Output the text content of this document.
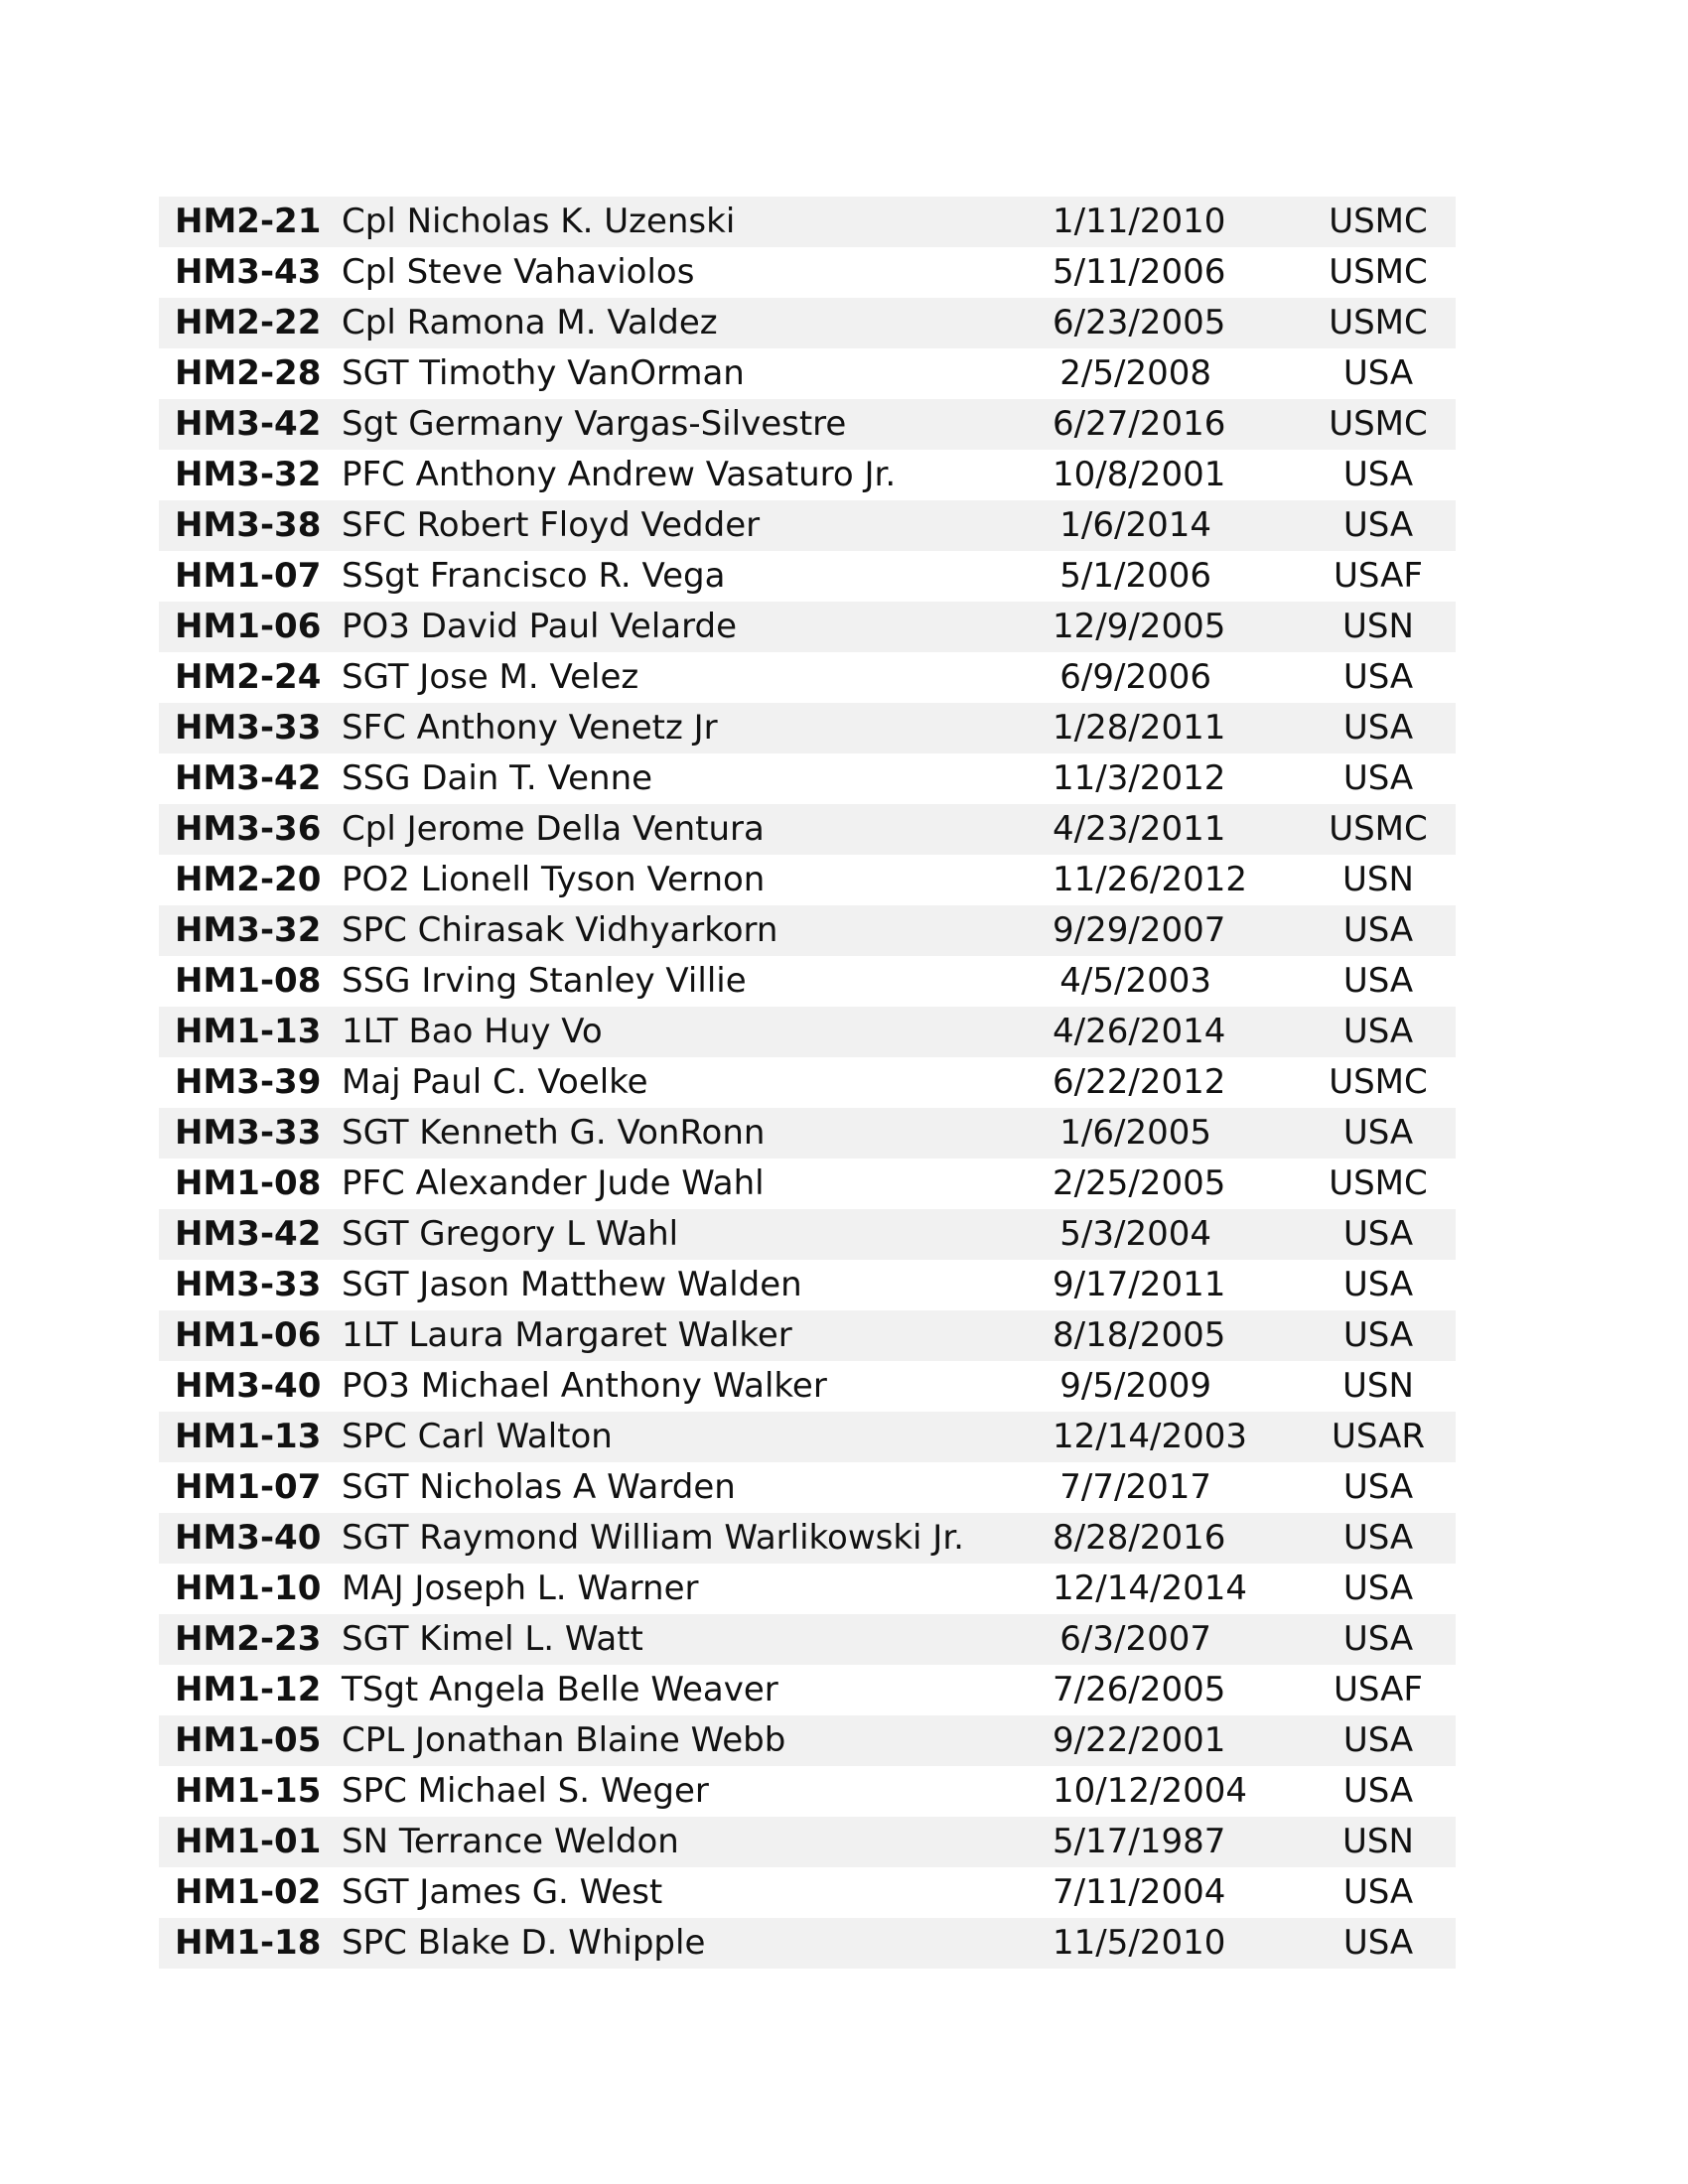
HM2-21 Cpl Nicholas K. Uzenski	1/11/2010	USMC
HM3-43 Cpl Steve Vahaviolos	5/11/2006	USMC
HM2-22 Cpl Ramona M. Valdez	6/23/2005	USMC
HM2-28 SGT Timothy VanOrman	2/5/2008	USA
HM3-42 Sgt Germany Vargas-Silvestre	6/27/2016	USMC
HM3-32 PFC Anthony Andrew Vasaturo Jr.	10/8/2001	USA
HM3-38 SFC Robert Floyd Vedder	1/6/2014	USA
HM1-07 SSgt Francisco R. Vega	5/1/2006	USAF
HM1-06 PO3 David Paul Velarde	12/9/2005	USN
HM2-24 SGT Jose M. Velez	6/9/2006	USA
HM3-33 SFC Anthony Venetz Jr	1/28/2011	USA
HM3-42 SSG Dain T. Venne	11/3/2012	USA
HM3-36 Cpl Jerome Della Ventura	4/23/2011	USMC
HM2-20 PO2 Lionell Tyson Vernon	11/26/2012	USN
HM3-32 SPC Chirasak Vidhyarkorn	9/29/2007	USA
HM1-08 SSG Irving Stanley Villie	4/5/2003	USA
HM1-13 1LT Bao Huy Vo	4/26/2014	USA
HM3-39 Maj Paul C. Voelke	6/22/2012	USMC
HM3-33 SGT Kenneth G. VonRonn	1/6/2005	USA
HM1-08 PFC Alexander Jude Wahl	2/25/2005	USMC
HM3-42 SGT Gregory L Wahl	5/3/2004	USA
HM3-33 SGT Jason Matthew Walden	9/17/2011	USA
HM1-06 1LT Laura Margaret Walker	8/18/2005	USA
HM3-40 PO3 Michael Anthony Walker	9/5/2009	USN
HM1-13 SPC Carl Walton	12/14/2003	USAR
HM1-07 SGT Nicholas A Warden	7/7/2017	USA
HM3-40 SGT Raymond William Warlikowski Jr.	8/28/2016	USA
HM1-10 MAJ Joseph L. Warner	12/14/2014	USA
HM2-23 SGT Kimel L. Watt	6/3/2007	USA
HM1-12 TSgt Angela Belle Weaver	7/26/2005	USAF
HM1-05 CPL Jonathan Blaine Webb	9/22/2001	USA
HM1-15 SPC Michael S. Weger	10/12/2004	USA
HM1-01 SN Terrance Weldon	5/17/1987	USN
HM1-02 SGT James G. West	7/11/2004	USA
HM1-18 SPC Blake D. Whipple	11/5/2010	USA
